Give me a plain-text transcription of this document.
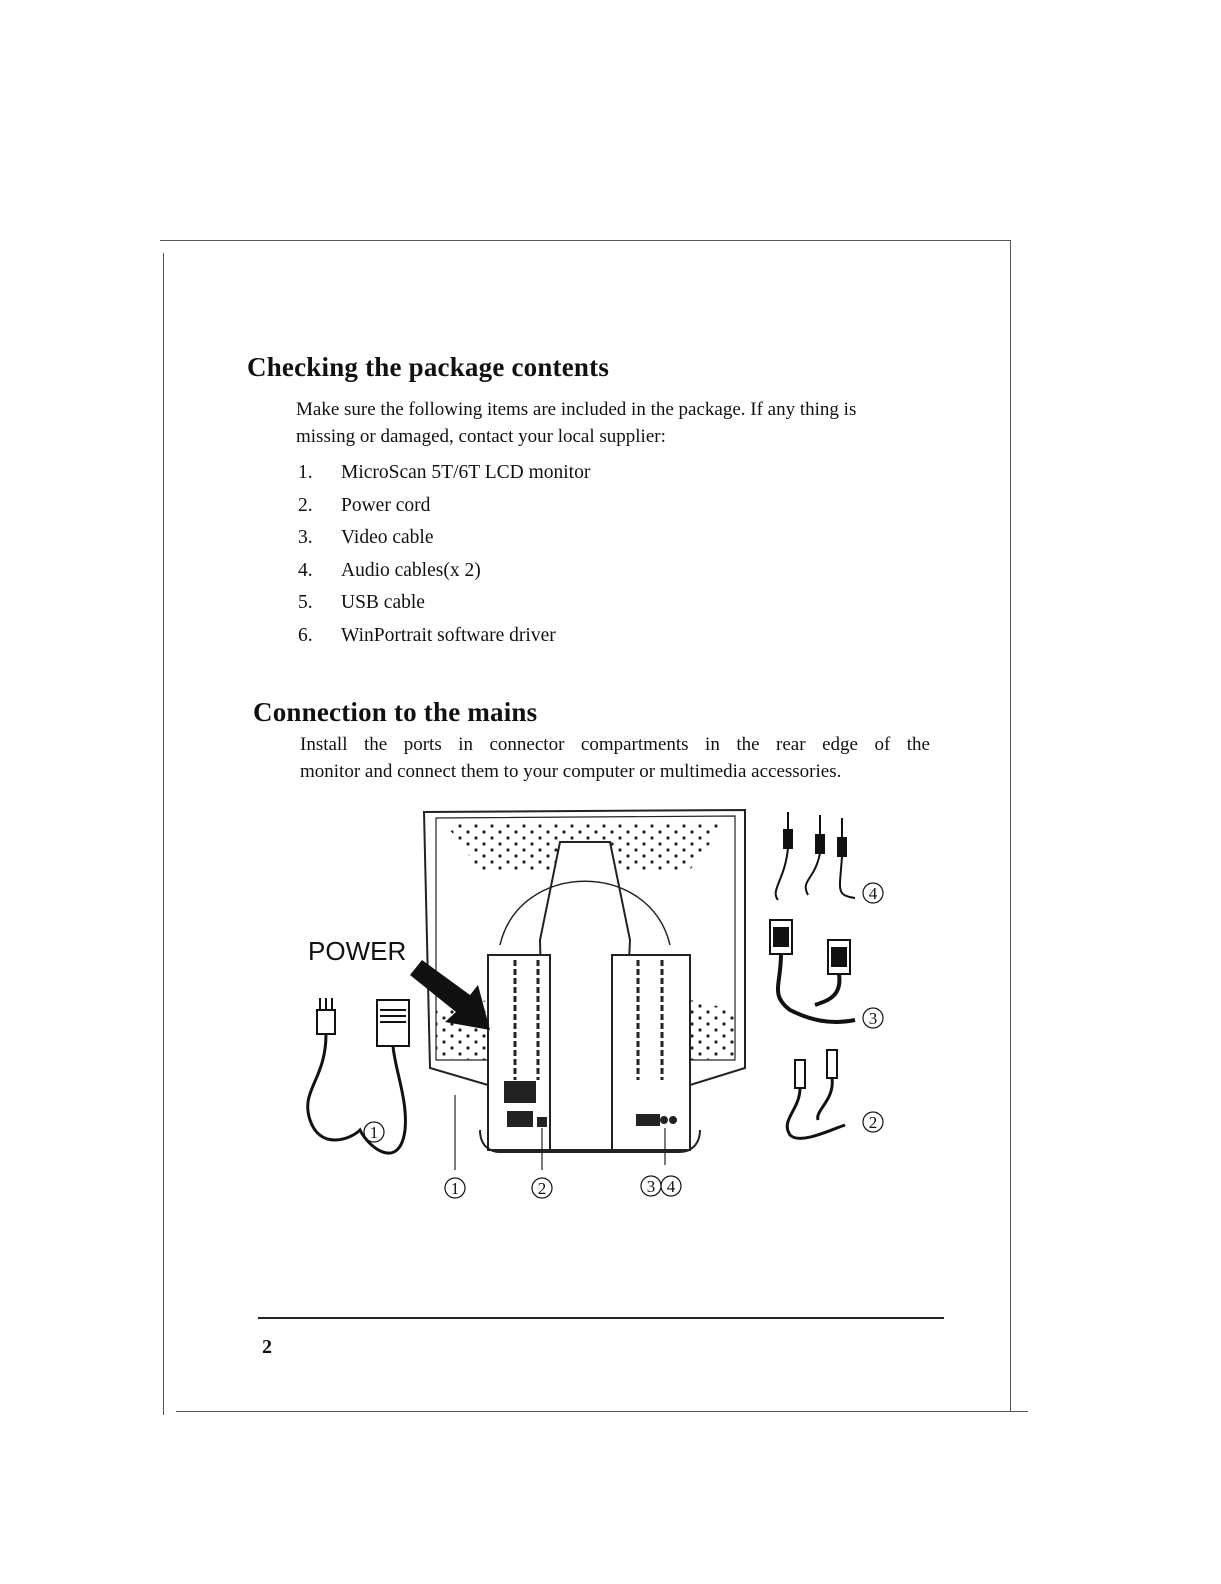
Checking the package contents
Make sure the following items are included in the package. If any thing is
missing or damaged, contact your local supplier:
1.	MicroScan 5T/6T LCD monitor
2.	Power cord
3.	Video cable
4.	Audio cables(x 2)
5.	USB cable
6.	WinPortrait software driver
Connection to the mains
Install the ports in connector compartments in the rear edge of the
monitor and connect them to your computer or multimedia accessories.
POWER
4
3
2
1
1	2	3 4
2
